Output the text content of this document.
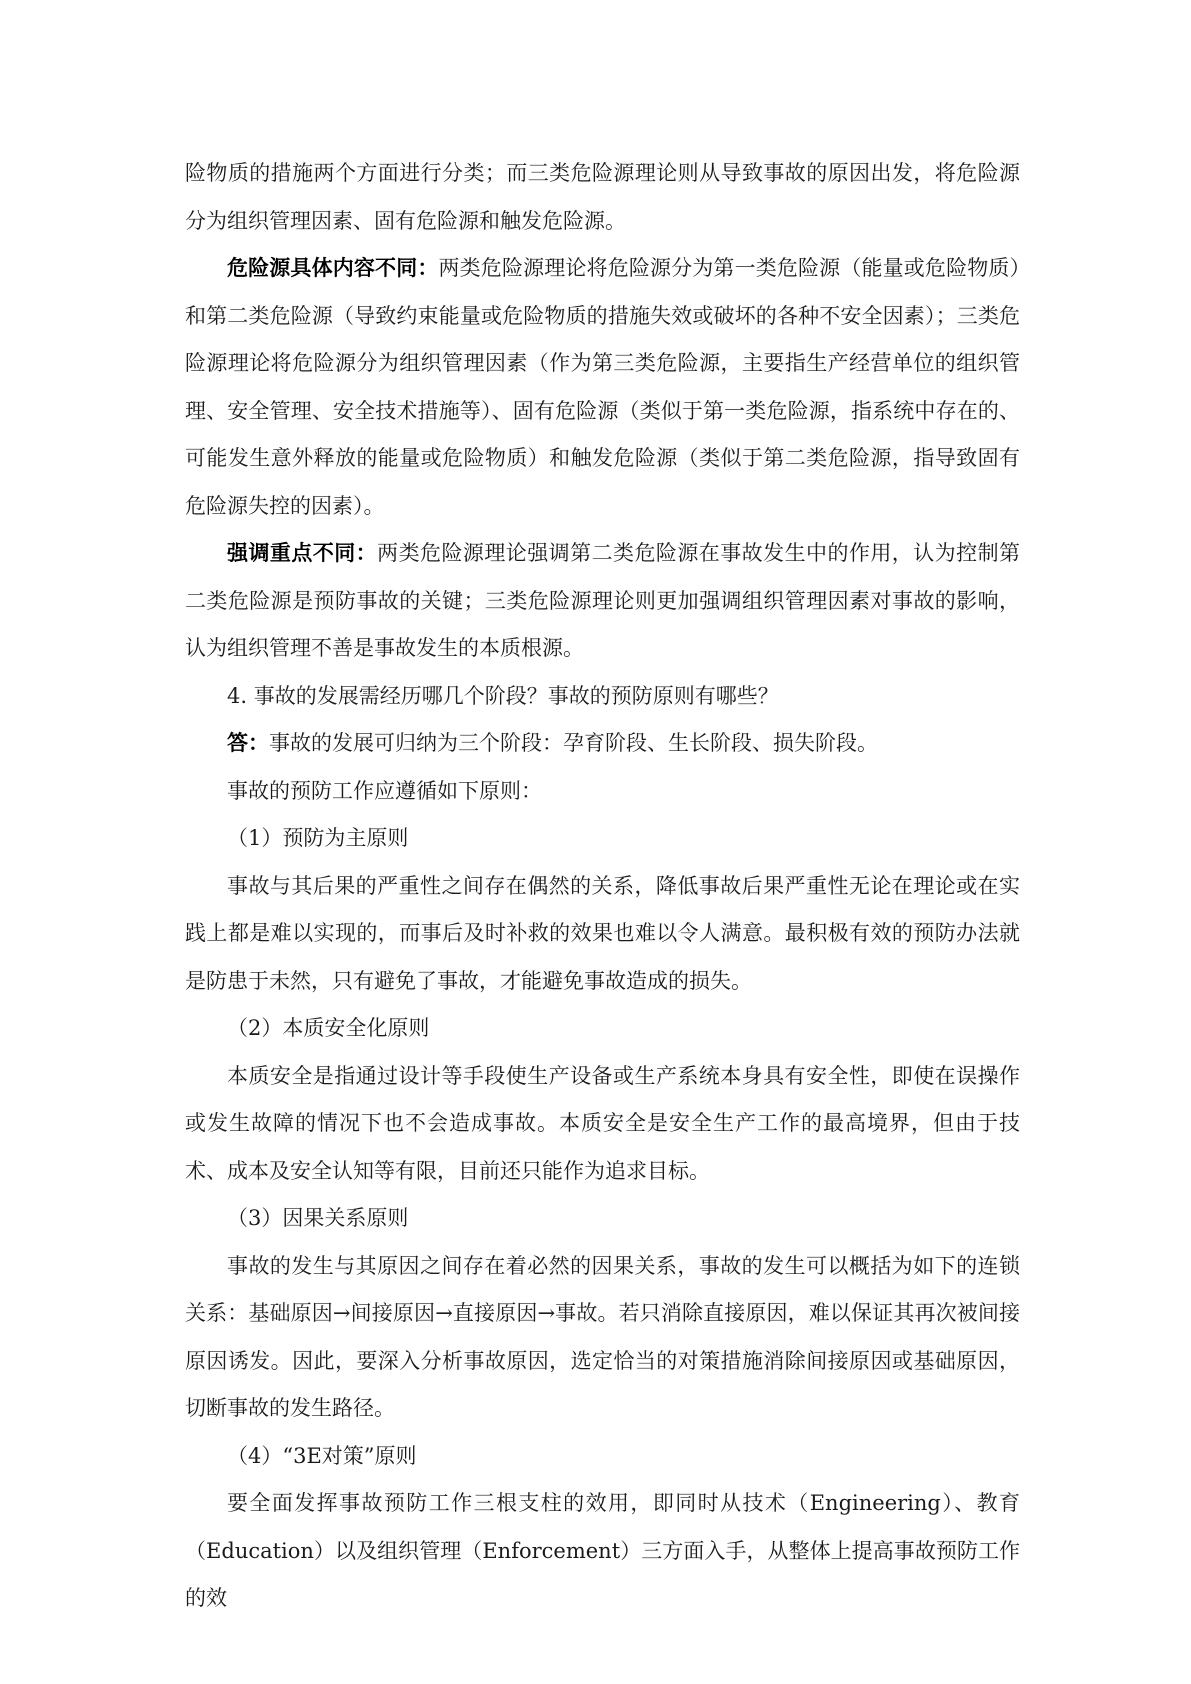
险物质的措施两个方面进行分类；而三类危险源理论则从导致事故的原因出发，将危险源分为组织管理因素、固有危险源和触发危险源。

危险源具体内容不同：两类危险源理论将危险源分为第一类危险源（能量或危险物质）和第二类危险源（导致约束能量或危险物质的措施失效或破坏的各种不安全因素）；三类危险源理论将危险源分为组织管理因素（作为第三类危险源，主要指生产经营单位的组织管理、安全管理、安全技术措施等）、固有危险源（类似于第一类危险源，指系统中存在的、可能发生意外释放的能量或危险物质）和触发危险源（类似于第二类危险源，指导致固有危险源失控的因素）。

强调重点不同：两类危险源理论强调第二类危险源在事故发生中的作用，认为控制第二类危险源是预防事故的关键；三类危险源理论则更加强调组织管理因素对事故的影响，认为组织管理不善是事故发生的本质根源。

4. 事故的发展需经历哪几个阶段？事故的预防原则有哪些？

答：事故的发展可归纳为三个阶段：孕育阶段、生长阶段、损失阶段。

事故的预防工作应遵循如下原则：

（1）预防为主原则

事故与其后果的严重性之间存在偶然的关系，降低事故后果严重性无论在理论或在实践上都是难以实现的，而事后及时补救的效果也难以令人满意。最积极有效的预防办法就是防患于未然，只有避免了事故，才能避免事故造成的损失。

（2）本质安全化原则

本质安全是指通过设计等手段使生产设备或生产系统本身具有安全性，即使在误操作或发生故障的情况下也不会造成事故。本质安全是安全生产工作的最高境界，但由于技术、成本及安全认知等有限，目前还只能作为追求目标。

（3）因果关系原则

事故的发生与其原因之间存在着必然的因果关系，事故的发生可以概括为如下的连锁关系：基础原因→间接原因→直接原因→事故。若只消除直接原因，难以保证其再次被间接原因诱发。因此，要深入分析事故原因，选定恰当的对策措施消除间接原因或基础原因，切断事故的发生路径。

（4）“3E对策”原则

要全面发挥事故预防工作三根支柱的效用，即同时从技术（Engineering）、教育（Education）以及组织管理（Enforcement）三方面入手，从整体上提高事故预防工作的效
